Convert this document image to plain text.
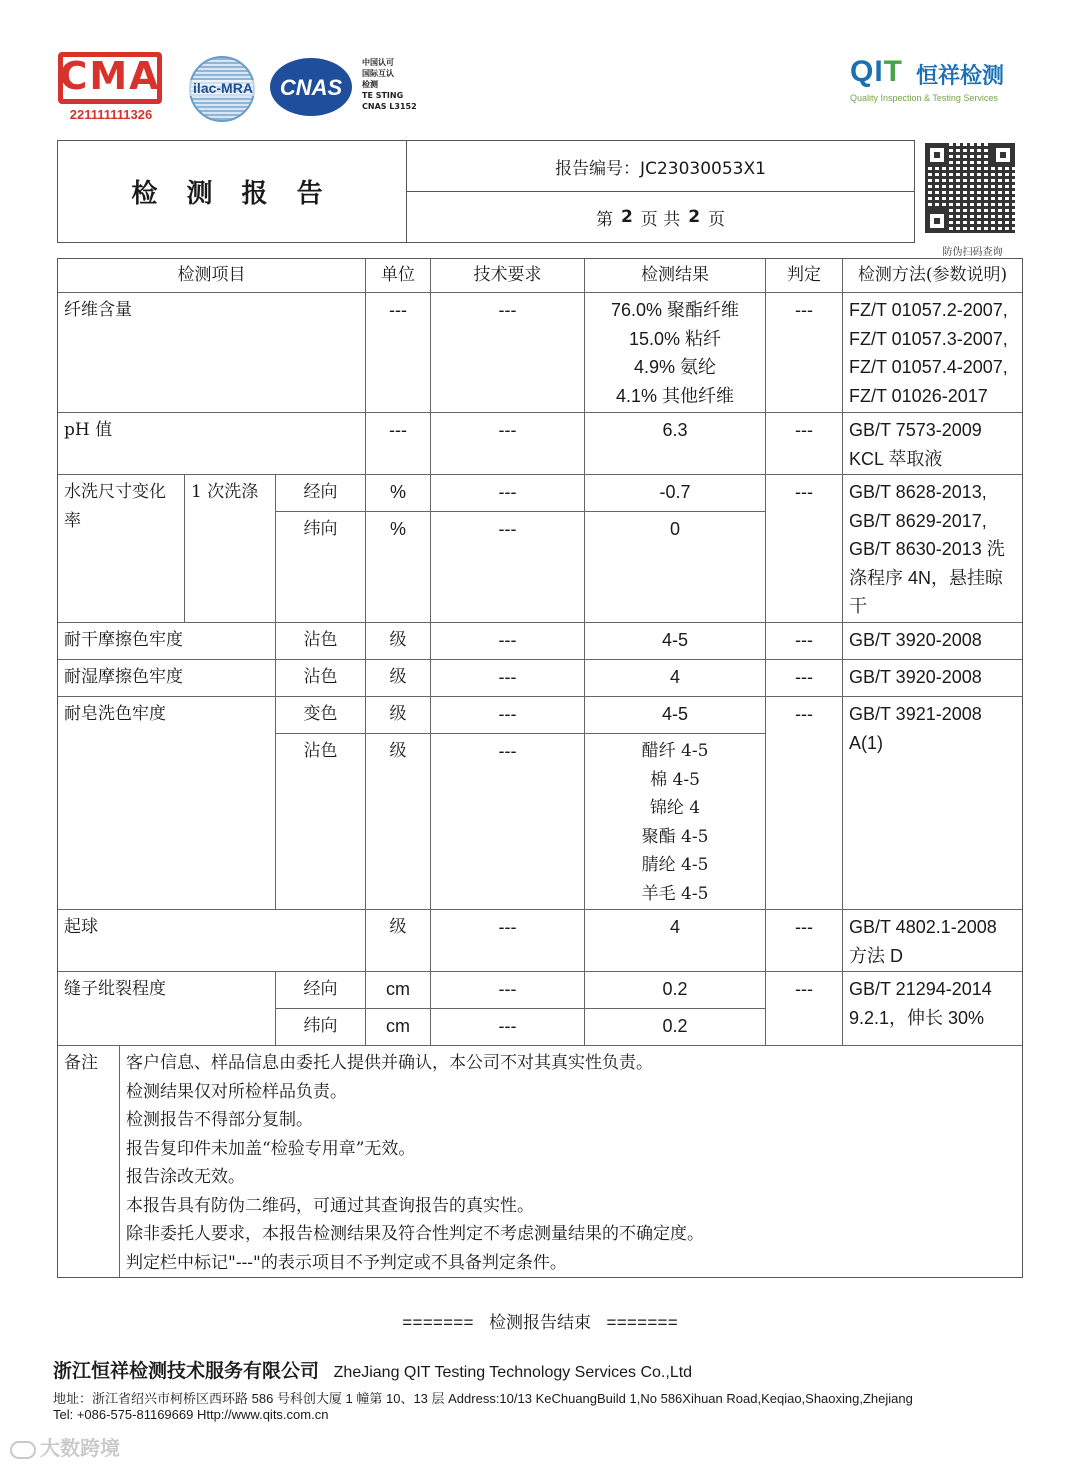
CMA
221111111326
ilac-MRA	CNAS
中国认可
国际互认
检测
TE STING
CNAS L3152
QIT 恒祥检测
Quality Inspection & Testing Services
检 测 报 告
报告编号：JC23030053X1
第 2 页 共 2 页
防伪扫码查询
检测项目	单位	技术要求	检测结果	判定	检测方法(参数说明)
纤维含量	---	---	76.0% 聚酯纤维
15.0% 粘纤
4.9% 氨纶
4.1% 其他纤维
---	FZ/T 01057.2-2007,
FZ/T 01057.3-2007,
FZ/T 01057.4-2007,
FZ/T 01026-2017
pH 值	---	---	6.3	---	GB/T 7573-2009
KCL 萃取液
水洗尺寸变化率
1 次洗涤	经向	%	---	-0.7
纬向	%	---	0
---	GB/T 8628-2013, GB/T 8629-2017, GB/T 8630-2013 洗涤程序 4N，悬挂晾干
耐干摩擦色牢度	沾色	级	---	4-5	---	GB/T 3920-2008
耐湿摩擦色牢度	沾色	级	---	4	---	GB/T 3920-2008
耐皂洗色牢度	变色	级	---	4-5
沾色	级	---	醋纤 4-5
棉 4-5
锦纶 4
聚酯 4-5
腈纶 4-5
羊毛 4-5
---	GB/T 3921-2008
A(1)
起球	级	---	4	---	GB/T 4802.1-2008
方法 D
缝子纰裂程度	经向	cm	---	0.2
纬向	cm	---	0.2
---	GB/T 21294-2014
9.2.1，伸长 30%
备注	客户信息、样品信息由委托人提供并确认，本公司不对其真实性负责。
检测结果仅对所检样品负责。
检测报告不得部分复制。
报告复印件未加盖“检验专用章”无效。
报告涂改无效。
本报告具有防伪二维码，可通过其查询报告的真实性。
除非委托人要求，本报告检测结果及符合性判定不考虑测量结果的不确定度。
判定栏中标记"---"的表示项目不予判定或不具备判定条件。
======= 检测报告结束 =======
浙江恒祥检测技术服务有限公司 ZheJiang QIT Testing Technology Services Co.,Ltd
地址：浙江省绍兴市柯桥区西环路 586 号科创大厦 1 幢第 10、13 层 Address:10/13 KeChuangBuild 1,No 586Xihuan Road,Keqiao,Shaoxing,Zhejiang
Tel: +086-575-81169669 Http://www.qits.com.cn
大数跨境
